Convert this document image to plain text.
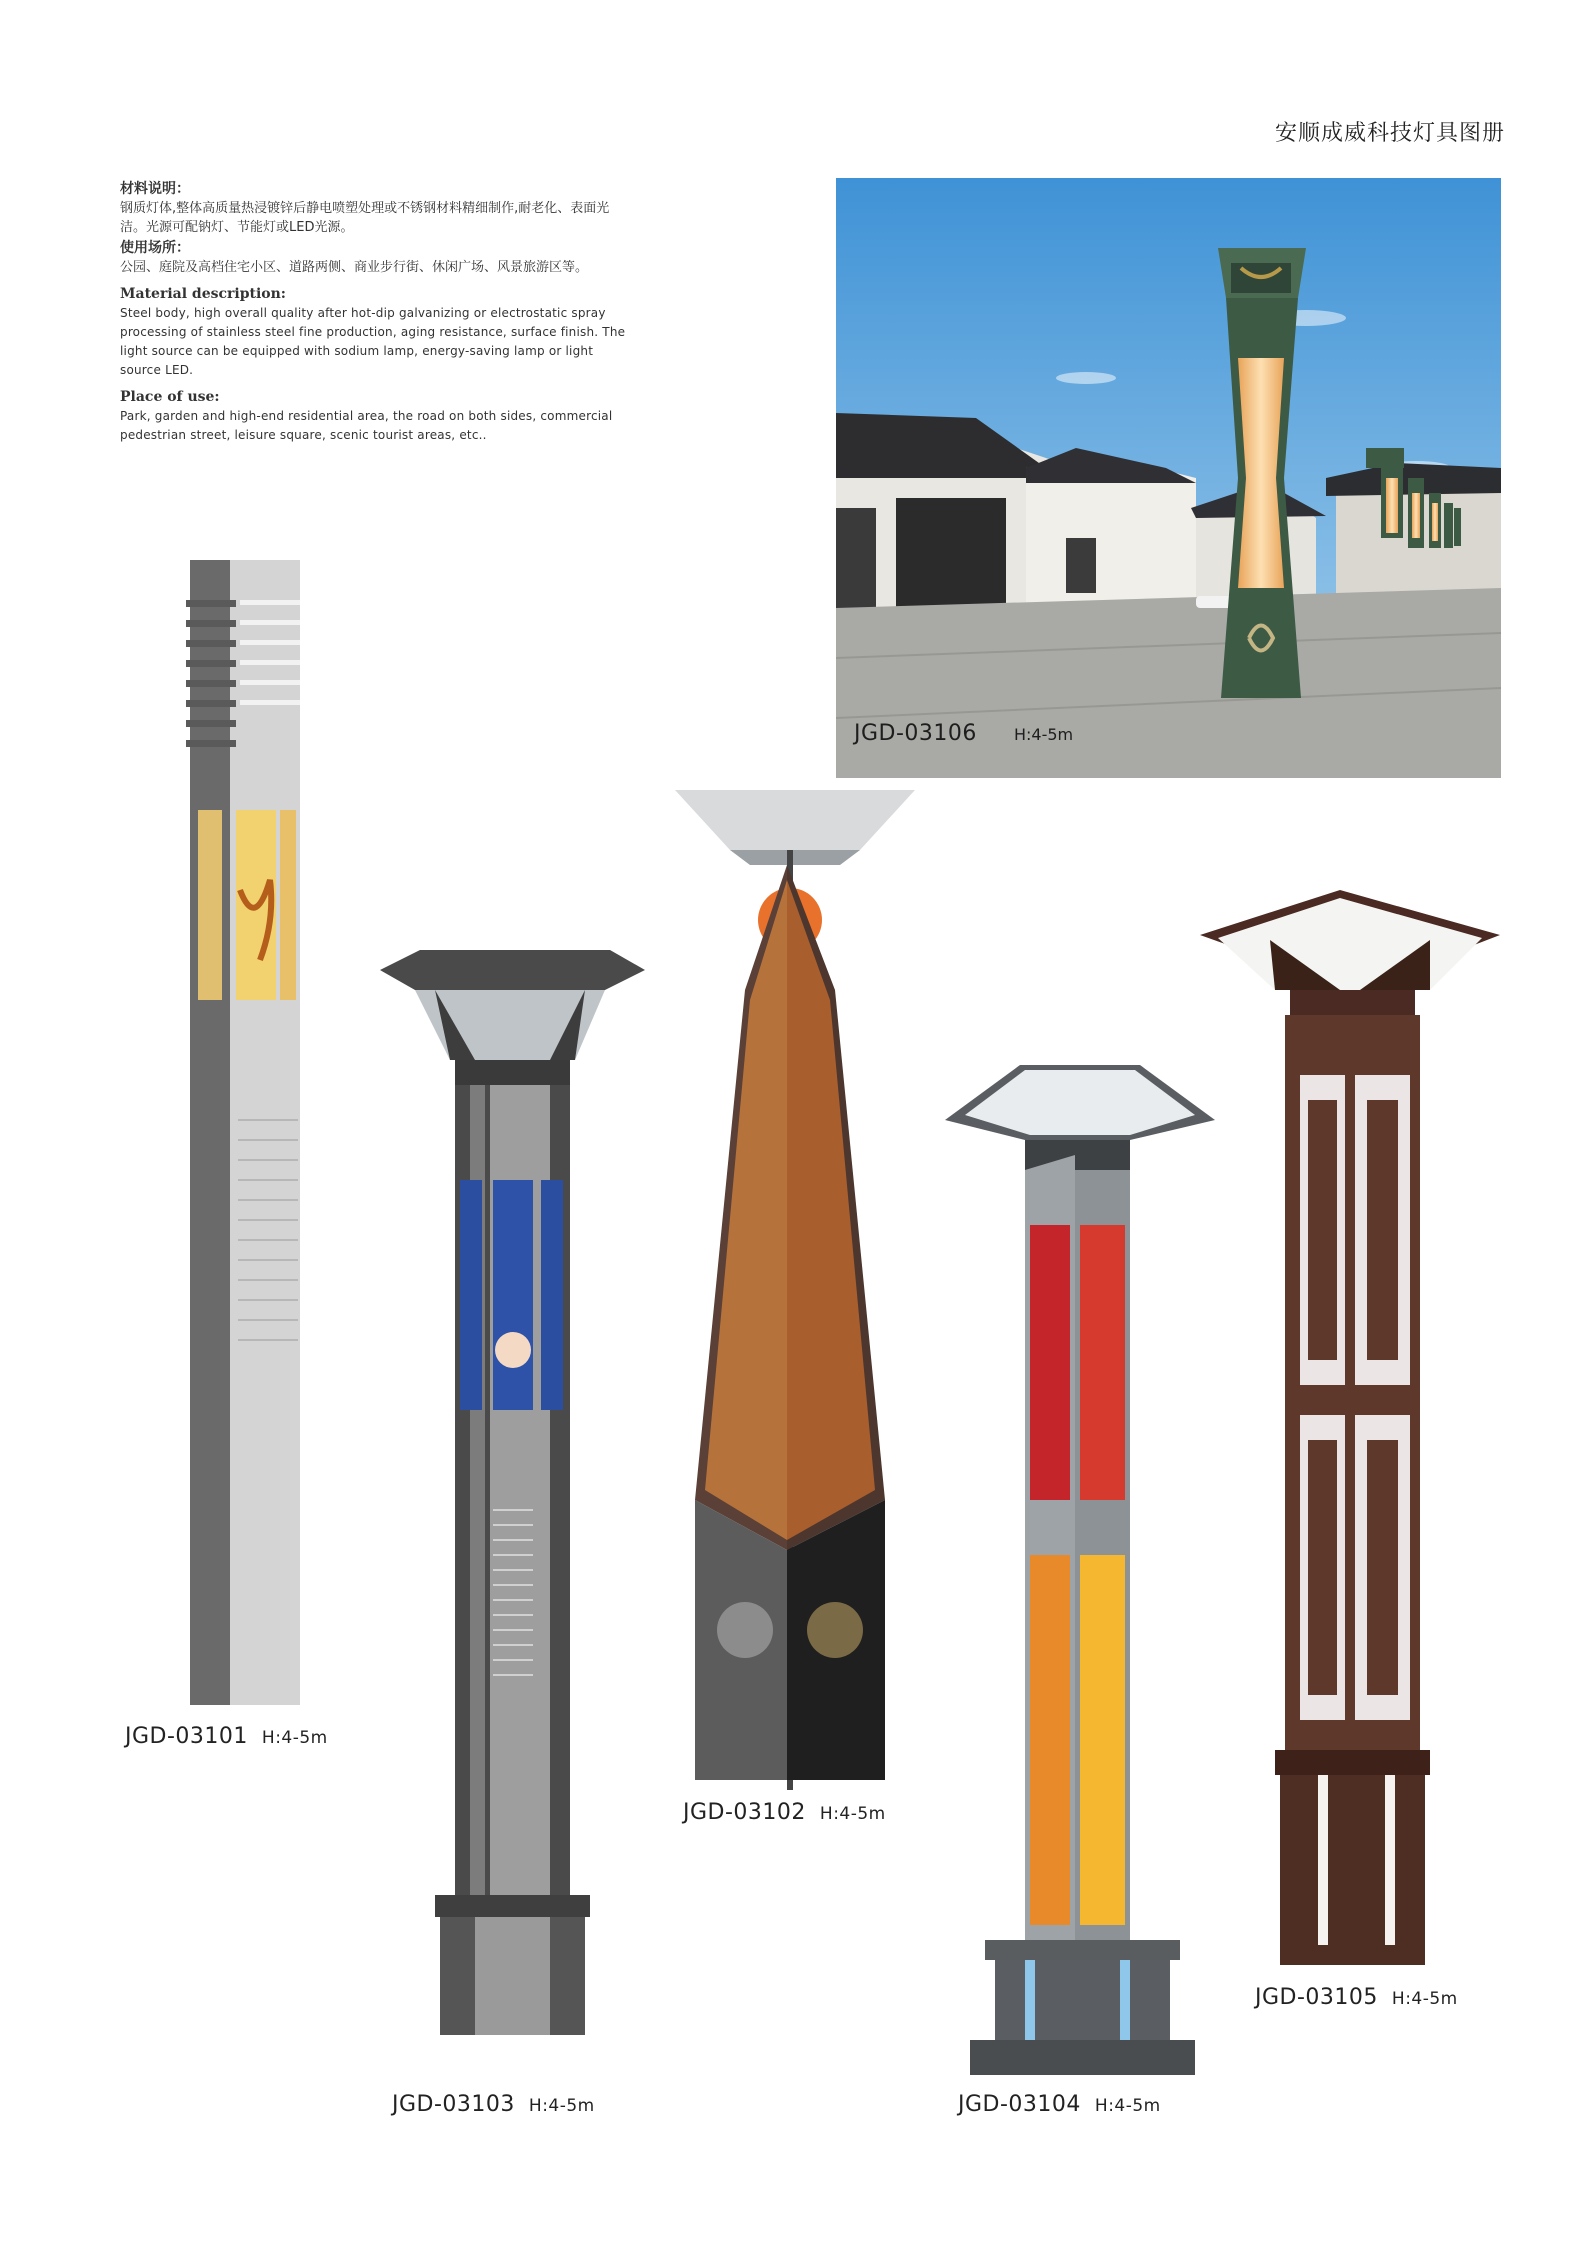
安顺成威科技灯具图册
材料说明：

钢质灯体,整体高质量热浸镀锌后静电喷塑处理或不锈钢材料精细制作,耐老化、表面光洁。光源可配钠灯、节能灯或LED光源。

使用场所：

公园、庭院及高档住宅小区、道路两侧、商业步行街、休闲广场、风景旅游区等。

Material description:

Steel body, high overall quality after hot-dip galvanizing or electrostatic spray processing of stainless steel fine production, aging resistance, surface finish. The light source can be equipped with sodium lamp, energy-saving lamp or light source LED.

Place of use:

Park, garden and high-end residential area, the road on both sides, commercial pedestrian street, leisure square, scenic tourist areas, etc..

JGD-03106 H:4-5m
JGD-03101 H:4-5m
JGD-03103 H:4-5m
JGD-03102 H:4-5m
JGD-03104 H:4-5m
JGD-03105 H:4-5m
